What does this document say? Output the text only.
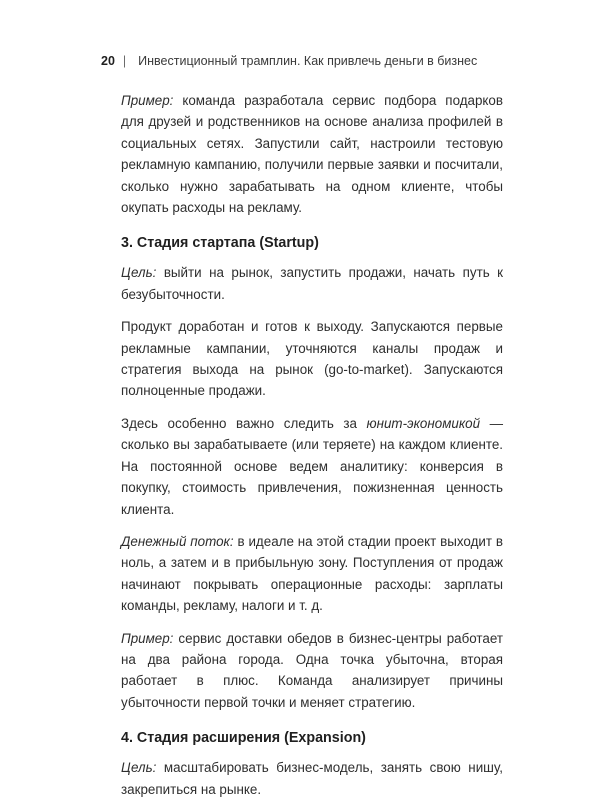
20 | Инвестиционный трамплин. Как привлечь деньги в бизнес

Пример: команда разработала сервис подбора подарков для друзей и родственников на основе анализа профилей в социальных сетях. Запустили сайт, настроили тестовую рекламную кампанию, получили первые заявки и посчитали, сколько нужно зарабатывать на одном клиенте, чтобы окупать расходы на рекламу.

3. Стадия стартапа (Startup)

Цель: выйти на рынок, запустить продажи, начать путь к безубыточности.

Продукт доработан и готов к выходу. Запускаются первые рекламные кампании, уточняются каналы продаж и стратегия выхода на рынок (go-to-market). Запускаются полноценные продажи.

Здесь особенно важно следить за юнит-экономикой — сколько вы зарабатываете (или теряете) на каждом клиенте. На постоянной основе ведем аналитику: конверсия в покупку, стоимость привлечения, пожизненная ценность клиента.

Денежный поток: в идеале на этой стадии проект выходит в ноль, а затем и в прибыльную зону. Поступления от продаж начинают покрывать операционные расходы: зарплаты команды, рекламу, налоги и т. д.

Пример: сервис доставки обедов в бизнес-центры работает на два района города. Одна точка убыточна, вторая работает в плюс. Команда анализирует причины убыточности первой точки и меняет стратегию.

4. Стадия расширения (Expansion)

Цель: масштабировать бизнес-модель, занять свою нишу, закрепиться на рынке.
